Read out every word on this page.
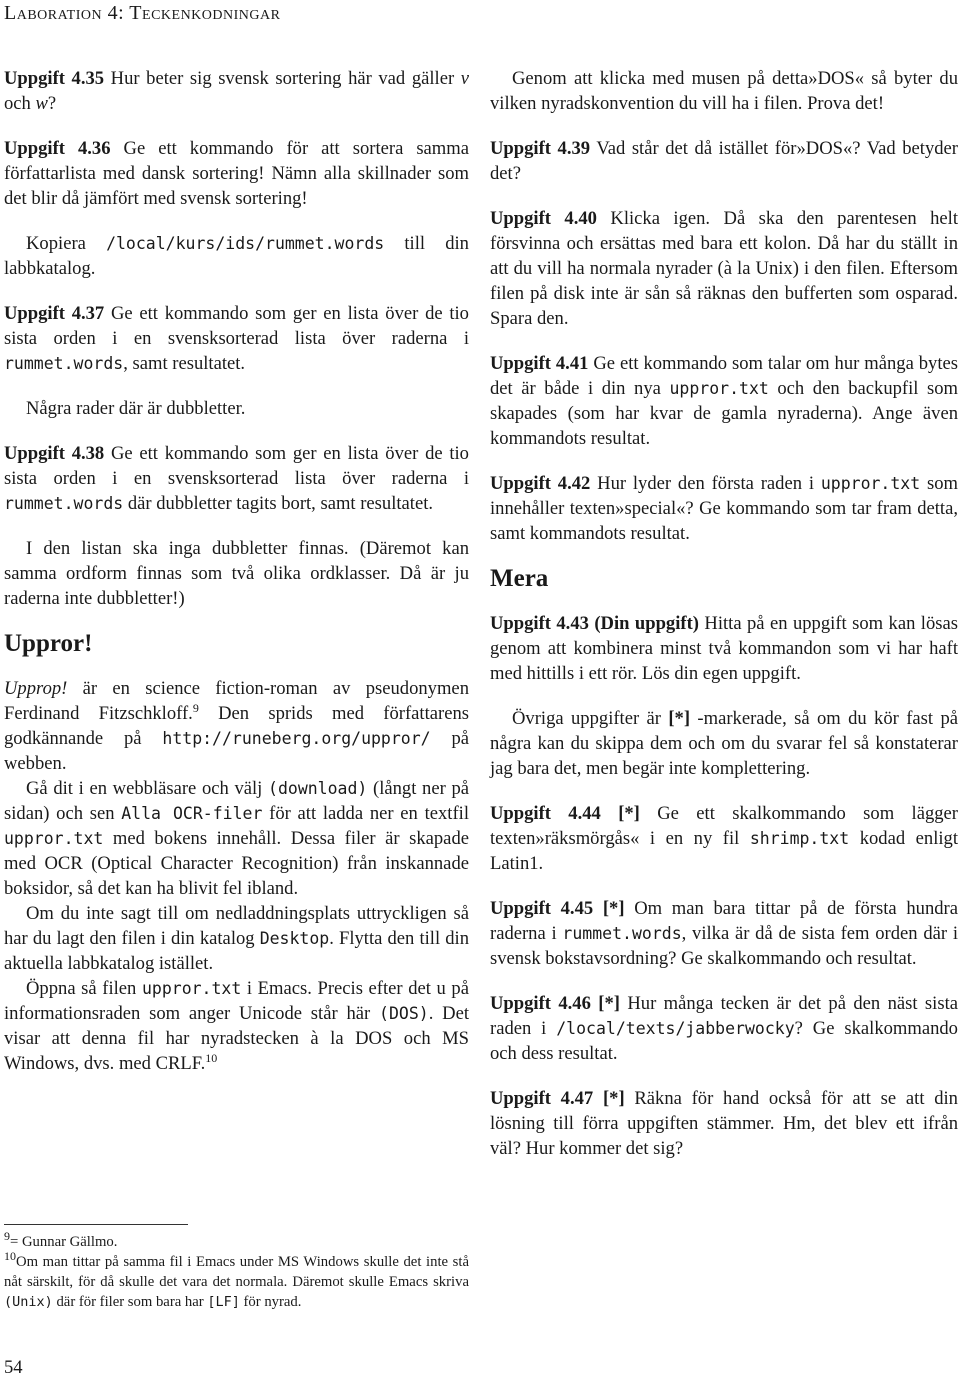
Laboration 4: Teckenkodningar

Uppgift 4.35 Hur beter sig svensk sortering här vad gäller v och w?

Uppgift 4.36 Ge ett kommando för att sortera samma författarlista med dansk sortering! Nämn alla skillnader som det blir då jämfört med svensk sortering!

Kopiera /local/kurs/ids/rummet.words till din labbkatalog.

Uppgift 4.37 Ge ett kommando som ger en lista över de tio sista orden i en svensksorterad lista över raderna i rummet.words, samt resultatet.

Några rader där är dubbletter.

Uppgift 4.38 Ge ett kommando som ger en lista över de tio sista orden i en svensksorterad lista över raderna i rummet.words där dubbletter tagits bort, samt resultatet.

I den listan ska inga dubbletter finnas. (Däremot kan samma ordform finnas som två olika ordklasser. Då är ju raderna inte dubbletter!)

Uppror!

Upprop! är en science fiction-roman av pseudonymen Ferdinand Fitzschkloff.$^9$ Den sprids med författarens godkännande på http://runeberg.org/uppror/ på webben.

Gå dit i en webbläsare och välj (download) (långt ner på sidan) och sen Alla OCR-filer för att ladda ner en textfil uppror.txt med bokens innehåll. Dessa filer är skapade med OCR (Optical Character Recognition) från inskannade boksidor, så det kan ha blivit fel ibland.

Om du inte sagt till om nedladdningsplats uttryckligen så har du lagt den filen i din katalog Desktop. Flytta den till din aktuella labbkatalog istället.

Öppna så filen uppror.txt i Emacs. Precis efter det u på informationsraden som anger Unicode står här (DOS). Det visar att denna fil har nyradstecken à la DOS och MS Windows, dvs. med CRLF.$^{10}$

$^9$= Gunnar Gällmo.
$^{10}$Om man tittar på samma fil i Emacs under MS Windows skulle det inte stå nåt särskilt, för då skulle det vara det normala. Däremot skulle Emacs skriva (Unix) där för filer som bara har [LF] för nyrad.
54

Genom att klicka med musen på detta»DOS« så byter du vilken nyradskonvention du vill ha i filen. Prova det!

Uppgift 4.39 Vad står det då istället för»DOS«? Vad betyder det?

Uppgift 4.40 Klicka igen. Då ska den parentesen helt försvinna och ersättas med bara ett kolon. Då har du ställt in att du vill ha normala nyrader (à la Unix) i den filen. Eftersom filen på disk inte är sån så räknas den bufferten som osparad. Spara den.

Uppgift 4.41 Ge ett kommando som talar om hur många bytes det är både i din nya uppror.txt och den backupfil som skapades (som har kvar de gamla nyraderna). Ange även kommandots resultat.

Uppgift 4.42 Hur lyder den första raden i uppror.txt som innehåller texten»special«? Ge kommando som tar fram detta, samt kommandots resultat.

Mera

Uppgift 4.43 (Din uppgift) Hitta på en uppgift som kan lösas genom att kombinera minst två kommandon som vi har haft med hittills i ett rör. Lös din egen uppgift.

Övriga uppgifter är [*] -markerade, så om du kör fast på några kan du skippa dem och om du svarar fel så konstaterar jag bara det, men begär inte komplettering.

Uppgift 4.44 [*] Ge ett skalkommando som lägger texten»räksmörgås« i en ny fil shrimp.txt kodad enligt Latin1.

Uppgift 4.45 [*] Om man bara tittar på de första hundra raderna i rummet.words, vilka är då de sista fem orden där i svensk bokstavsordning? Ge skalkommando och resultat.

Uppgift 4.46 [*] Hur många tecken är det på den näst sista raden i /local/texts/jabberwocky? Ge skalkommando och dess resultat.

Uppgift 4.47 [*] Räkna för hand också för att se att din lösning till förra uppgiften stämmer. Hm, det blev ett ifrån väl? Hur kommer det sig?
